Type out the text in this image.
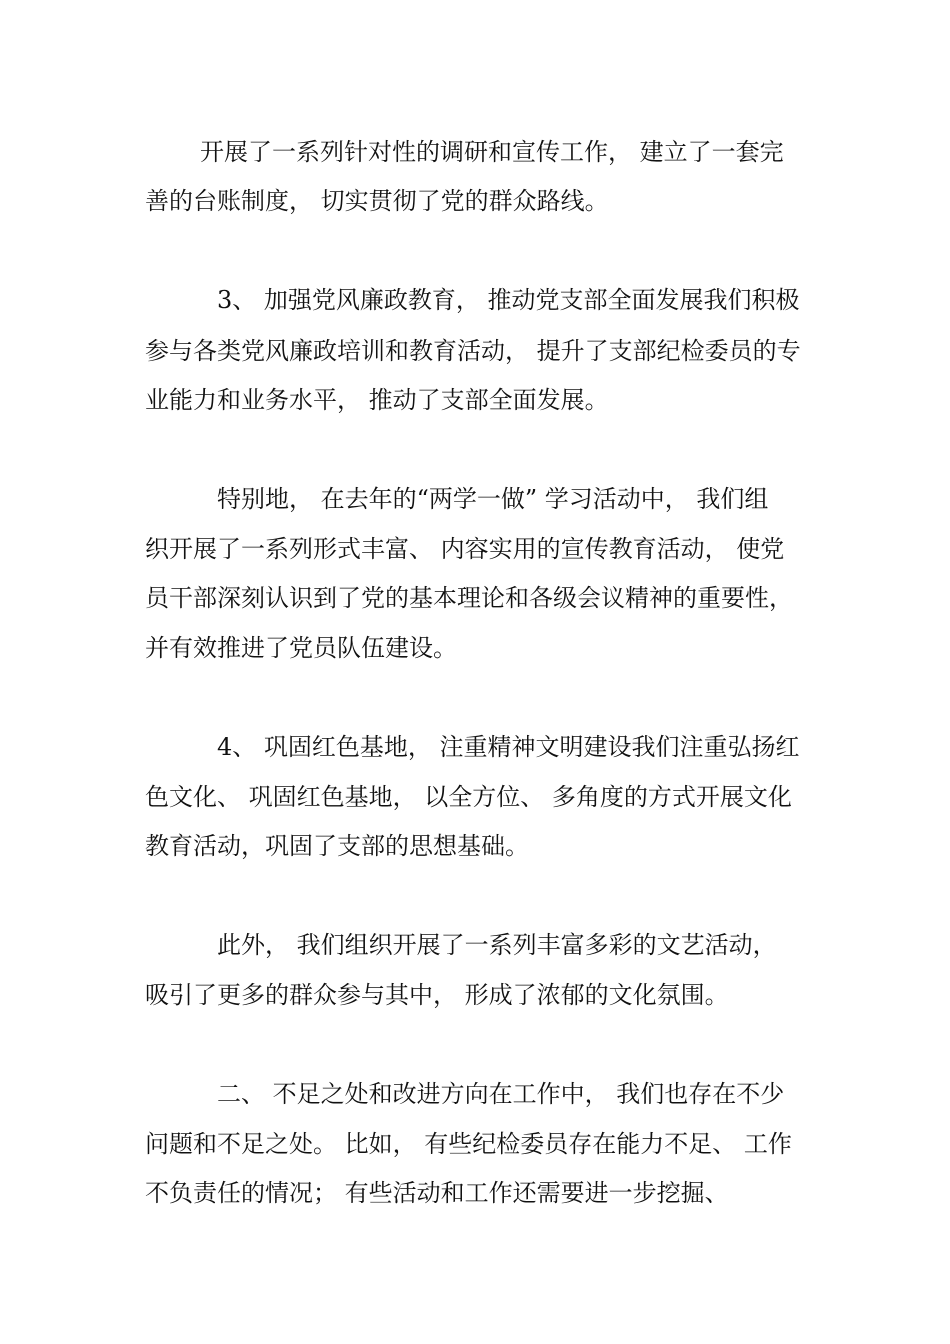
开展了一系列针对性的调研和宣传工作， 建立了一套完

善的台账制度， 切实贯彻了党的群众路线。

3、 加强党风廉政教育， 推动党支部全面发展我们积极

参与各类党风廉政培训和教育活动， 提升了支部纪检委员的专

业能力和业务水平， 推动了支部全面发展。

特别地， 在去年的“两学一做” 学习活动中， 我们组

织开展了一系列形式丰富、 内容实用的宣传教育活动， 使党

员干部深刻认识到了党的基本理论和各级会议精神的重要性，

并有效推进了党员队伍建设。

4、 巩固红色基地， 注重精神文明建设我们注重弘扬红

色文化、 巩固红色基地， 以全方位、 多角度的方式开展文化

教育活动，巩固了支部的思想基础。

此外， 我们组织开展了一系列丰富多彩的文艺活动，

吸引了更多的群众参与其中， 形成了浓郁的文化氛围。

二、 不足之处和改进方向在工作中， 我们也存在不少

问题和不足之处。 比如， 有些纪检委员存在能力不足、 工作

不负责任的情况； 有些活动和工作还需要进一步挖掘、
